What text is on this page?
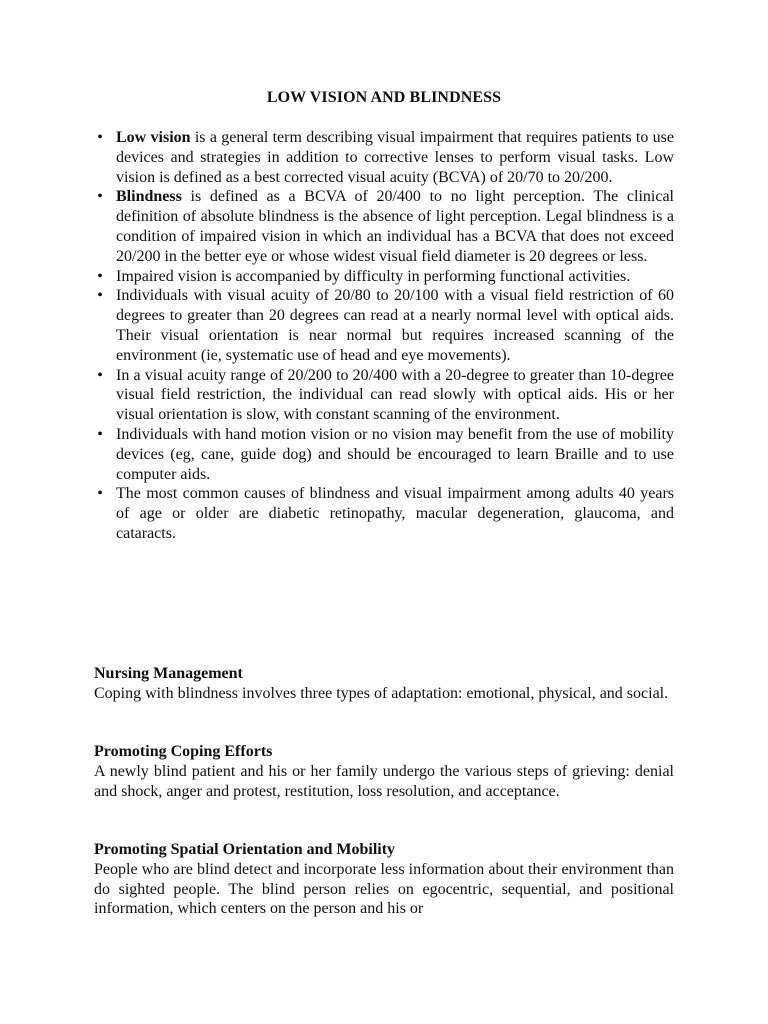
LOW VISION AND BLINDNESS
• Low vision is a general term describing visual impairment that requires patients to use devices and strategies in addition to corrective lenses to perform visual tasks. Low vision is defined as a best corrected visual acuity (BCVA) of 20/70 to 20/200.
• Blindness is defined as a BCVA of 20/400 to no light perception. The clinical definition of absolute blindness is the absence of light perception. Legal blindness is a condition of impaired vision in which an individual has a BCVA that does not exceed 20/200 in the better eye or whose widest visual field diameter is 20 degrees or less.
• Impaired vision is accompanied by difficulty in performing functional activities.
• Individuals with visual acuity of 20/80 to 20/100 with a visual field restriction of 60 degrees to greater than 20 degrees can read at a nearly normal level with optical aids. Their visual orientation is near normal but requires increased scanning of the environment (ie, systematic use of head and eye movements).
• In a visual acuity range of 20/200 to 20/400 with a 20-degree to greater than 10-degree visual field restriction, the individual can read slowly with optical aids. His or her visual orientation is slow, with constant scanning of the environment.
• Individuals with hand motion vision or no vision may benefit from the use of mobility devices (eg, cane, guide dog) and should be encouraged to learn Braille and to use computer aids.
• The most common causes of blindness and visual impairment among adults 40 years of age or older are diabetic retinopathy, macular degeneration, glaucoma, and cataracts.
Nursing Management
Coping with blindness involves three types of adaptation: emotional, physical, and social.
Promoting Coping Efforts
A newly blind patient and his or her family undergo the various steps of grieving: denial and shock, anger and protest, restitution, loss resolution, and acceptance.
Promoting Spatial Orientation and Mobility
People who are blind detect and incorporate less information about their environment than do sighted people. The blind person relies on egocentric, sequential, and positional information, which centers on the person and his or
